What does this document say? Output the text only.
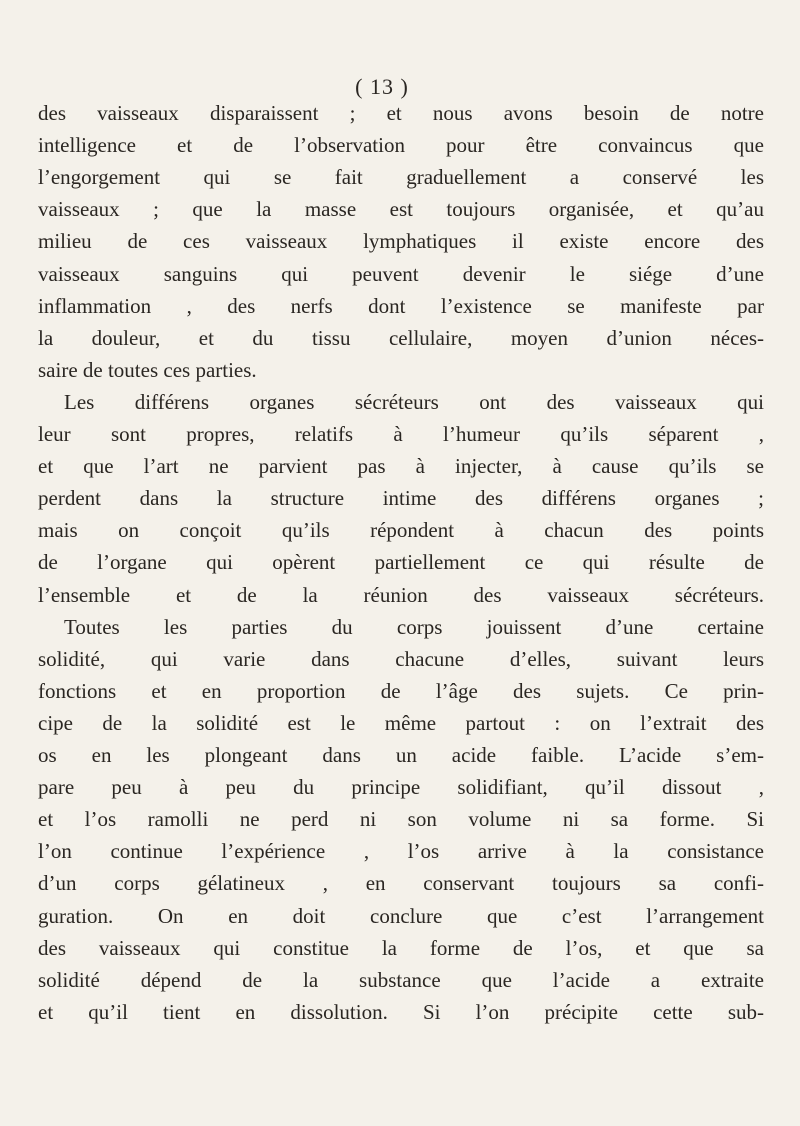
( 13 )
des vaisseaux disparaissent ; et nous avons besoin de notre
intelligence et de l’observation pour être convaincus que
l’engorgement qui se fait graduellement a conservé les
vaisseaux ; que la masse est toujours organisée, et qu’au
milieu de ces vaisseaux lymphatiques il existe encore des
vaisseaux sanguins qui peuvent devenir le siége d’une
inflammation , des nerfs dont l’existence se manifeste par
la douleur, et du tissu cellulaire, moyen d’union néces-
saire de toutes ces parties.
Les différens organes sécréteurs ont des vaisseaux qui
leur sont propres, relatifs à l’humeur qu’ils séparent ,
et que l’art ne parvient pas à injecter, à cause qu’ils se
perdent dans la structure intime des différens organes ;
mais on conçoit qu’ils répondent à chacun des points
de l’organe qui opèrent partiellement ce qui résulte de
l’ensemble et de la réunion des vaisseaux sécréteurs.
Toutes les parties du corps jouissent d’une certaine
solidité, qui varie dans chacune d’elles, suivant leurs
fonctions et en proportion de l’âge des sujets. Ce prin-
cipe de la solidité est le même partout : on l’extrait des
os en les plongeant dans un acide faible. L’acide s’em-
pare peu à peu du principe solidifiant, qu’il dissout ,
et l’os ramolli ne perd ni son volume ni sa forme. Si
l’on continue l’expérience , l’os arrive à la consistance
d’un corps gélatineux , en conservant toujours sa confi-
guration. On en doit conclure que c’est l’arrangement
des vaisseaux qui constitue la forme de l’os, et que sa
solidité dépend de la substance que l’acide a extraite
et qu’il tient en dissolution. Si l’on précipite cette sub-
